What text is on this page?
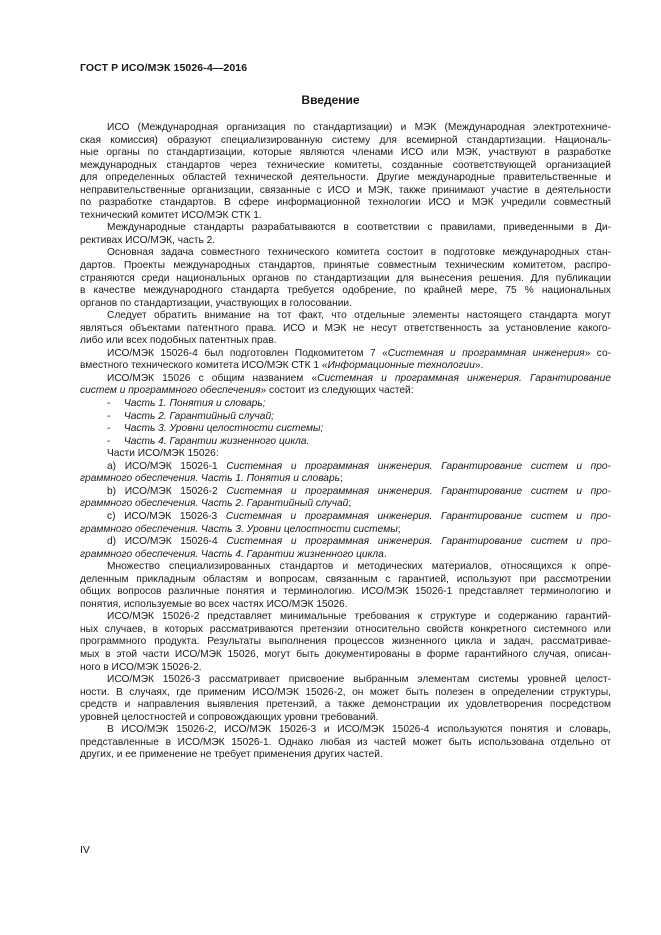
ГОСТ Р ИСО/МЭК 15026-4—2016
Введение

ИСО (Международная организация по стандартизации) и МЭК (Международная электротехниче-
ская комиссия) образуют специализированную систему для всемирной стандартизации. Националь-
ные органы по стандартизации, которые являются членами ИСО или МЭК, участвуют в разработке
международных стандартов через технические комитеты, созданные соответствующей организацией
для определенных областей технической деятельности. Другие международные правительственные и
неправительственные организации, связанные с ИСО и МЭК, также принимают участие в деятельности
по разработке стандартов. В сфере информационной технологии ИСО и МЭК учредили совместный
технический комитет ИСО/МЭК СТК 1.

Международные стандарты разрабатываются в соответствии с правилами, приведенными в Ди-
рективах ИСО/МЭК, часть 2.

Основная задача совместного технического комитета состоит в подготовке международных стан-
дартов. Проекты международных стандартов, принятые совместным техническим комитетом, распро-
страняются среди национальных органов по стандартизации для вынесения решения. Для публикации
в качестве международного стандарта требуется одобрение, по крайней мере, 75 % национальных
органов по стандартизации, участвующих в голосовании.

Следует обратить внимание на тот факт, что отдельные элементы настоящего стандарта могут
являться объектами патентного права. ИСО и МЭК не несут ответственность за установление какого-
либо или всех подобных патентных прав.

ИСО/МЭК 15026-4 был подготовлен Подкомитетом 7 «Системная и программная инженерия» со-
вместного технического комитета ИСО/МЭК СТК 1 «Информационные технологии».

ИСО/МЭК 15026 с общим названием «Системная и программная инженерия. Гарантирование
систем и программного обеспечения» состоит из следующих частей:

- Часть 1. Понятия и словарь;
- Часть 2. Гарантийный случай;
- Часть 3. Уровни целостности системы;
- Часть 4. Гарантии жизненного цикла.

Части ИСО/МЭК 15026:

a) ИСО/МЭК 15026-1 Системная и программная инженерия. Гарантирование систем и про-
граммного обеспечения. Часть 1. Понятия и словарь;

b) ИСО/МЭК 15026-2 Системная и программная инженерия. Гарантирование систем и про-
граммного обеспечения. Часть 2. Гарантийный случай;

c) ИСО/МЭК 15026-3 Системная и программная инженерия. Гарантирование систем и про-
граммного обеспечения. Часть 3. Уровни целостности системы;

d) ИСО/МЭК 15026-4 Системная и программная инженерия. Гарантирование систем и про-
граммного обеспечения. Часть 4. Гарантии жизненного цикла.

Множество специализированных стандартов и методических материалов, относящихся к опре-
деленным прикладным областям и вопросам, связанным с гарантией, используют при рассмотрении
общих вопросов различные понятия и терминологию. ИСО/МЭК 15026-1 представляет терминологию и
понятия, используемые во всех частях ИСО/МЭК 15026.

ИСО/МЭК 15026-2 представляет минимальные требования к структуре и содержанию гарантий-
ных случаев, в которых рассматриваются претензии относительно свойств конкретного системного или
программного продукта. Результаты выполнения процессов жизненного цикла и задач, рассматривае-
мых в этой части ИСО/МЭК 15026, могут быть документированы в форме гарантийного случая, описан-
ного в ИСО/МЭК 15026-2.

ИСО/МЭК 15026-3 рассматривает присвоение выбранным элементам системы уровней целост-
ности. В случаях, где применим ИСО/МЭК 15026-2, он может быть полезен в определении структуры,
средств и направления выявления претензий, а также демонстрации их удовлетворения посредством
уровней целостностей и сопровождающих уровни требований.

В ИСО/МЭК 15026-2, ИСО/МЭК 15026-3 и ИСО/МЭК 15026-4 используются понятия и словарь,
представленные в ИСО/МЭК 15026-1. Однако любая из частей может быть использована отдельно от
других, и ее применение не требует применения других частей.

IV
